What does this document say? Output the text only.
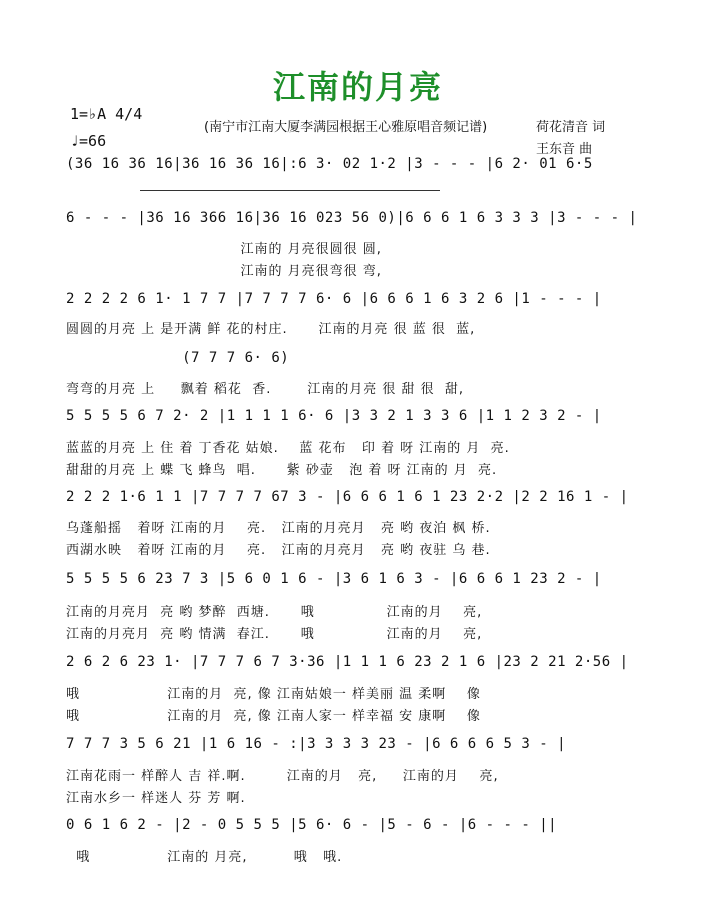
江南的月亮
1=♭A 4/4
♩=66
(南宁市江南大厦李满园根据王心雅原唱音频记谱)	荷花清音 词
王东音 曲
(36 16 36 16|36 16 36 16|:6 3· 02 1·2 |3 - - - |6 2· 01 6·5
6 - - - |36 16 366 16|36 16 023 56 0)|6 6 6 1 6 3 3 3 |3 - - - |
江南的 月亮很圆很 圆,
江南的 月亮很弯很 弯,
2 2 2 2 6 1· 1 7 7 |7 7 7 7 6· 6 |6 6 6 1 6 3 2 6 |1 - - - |
圆圆的月亮 上 是开满 鲜 花的村庄.      江南的月亮 很 蓝 很  蓝,
(7 7 7 6· 6)
弯弯的月亮 上     飘着 稻花  香.       江南的月亮 很 甜 很  甜,
5 5 5 5 6 7 2· 2 |1 1 1 1 6· 6 |3 3 2 1 3 3 6 |1 1 2 3 2 - |
蓝蓝的月亮 上 住 着 丁香花 姑娘.    蓝 花布   印 着 呀 江南的 月  亮.
甜甜的月亮 上 蝶 飞 蜂鸟  唱.      紫 砂壶   泡 着 呀 江南的 月  亮.
2 2 2 1·6 1 1 |7 7 7 7 67 3 - |6 6 6 1 6 1 23 2·2 |2 2 16 1 - |
乌蓬船摇   着呀 江南的月    亮.   江南的月亮月   亮 哟 夜泊 枫 桥.
西湖水映   着呀 江南的月    亮.   江南的月亮月   亮 哟 夜驻 乌 巷.
5 5 5 5 6 23 7 3 |5 6 0 1 6 - |3 6 1 6 3 - |6 6 6 1 23 2 - |
江南的月亮月  亮 哟 梦醉  西塘.      哦              江南的月    亮,
江南的月亮月  亮 哟 情满  春江.      哦              江南的月    亮,
2 6 2 6 23 1· |7 7 7 6 7 3·36 |1 1 1 6 23 2 1 6 |23 2 21 2·56 |
哦                 江南的月  亮, 像 江南姑娘一 样美丽 温 柔啊    像
哦                 江南的月  亮, 像 江南人家一 样幸福 安 康啊    像
7 7 7 3 5 6 21 |1 6 16 - :|3 3 3 3 23 - |6 6 6 6 5 3 - |
江南花雨一 样醉人 吉 祥.啊.        江南的月   亮,     江南的月    亮,
江南水乡一 样迷人 芬 芳 啊.
0 6 1 6 2 - |2 - 0 5 5 5 |5 6· 6 - |5 - 6 - |6 - - - ||
哦               江南的 月亮,         哦   哦.
